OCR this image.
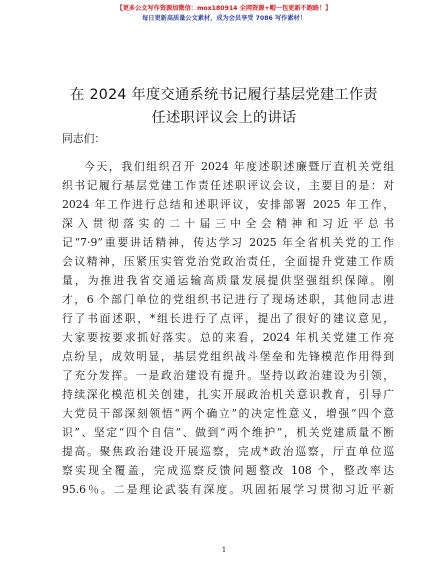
【更多公文写作资源加微信：mox180914 全网资源+帽一包更新不跑路！】
每日更新高质量公文素材，成为会员享受 7086 写作素材！
在 2024 年度交通系统书记履行基层党建工作责
任述职评议会上的讲话
同志们：
今天，我们组织召开 2024 年度述职述廉暨厅直机关党组
织书记履行基层党建工作责任述职评议会议，主要目的是：对
2024 年工作进行总结和述职评议，安排部署 2025 年工作，
深入贯彻落实的二十届三中全会精神和习近平总书
记“7·9”重要讲话精神，传达学习 2025 年全省机关党的工作
会议精神，压紧压实管党治党政治责任，全面提升党建工作质
量，为推进我省交通运输高质量发展提供坚强组织保障。刚
才，6 个部门单位的党组织书记进行了现场述职，其他同志进
行了书面述职，*组长进行了点评，提出了很好的建议意见，
大家要按要求抓好落实。总的来看，2024 年机关党建工作亮
点纷呈，成效明显，基层党组织战斗堡垒和先锋模范作用得到
了充分发挥。一是政治建设有提升。坚持以政治建设为引领，
持续深化模范机关创建，扎实开展政治机关意识教育，引导广
大党员干部深刻领悟“两个确立”的决定性意义，增强“四个意
识”、坚定“四个自信”、做到“两个维护”，机关党建质量不断
提高。聚焦政治建设开展巡察，完成*政治巡察，厅直单位巡
察实现全覆盖，完成巡察反馈问题整改 108 个，整改率达
95.6％。二是理论武装有深度。巩固拓展学习贯彻习近平新
1
